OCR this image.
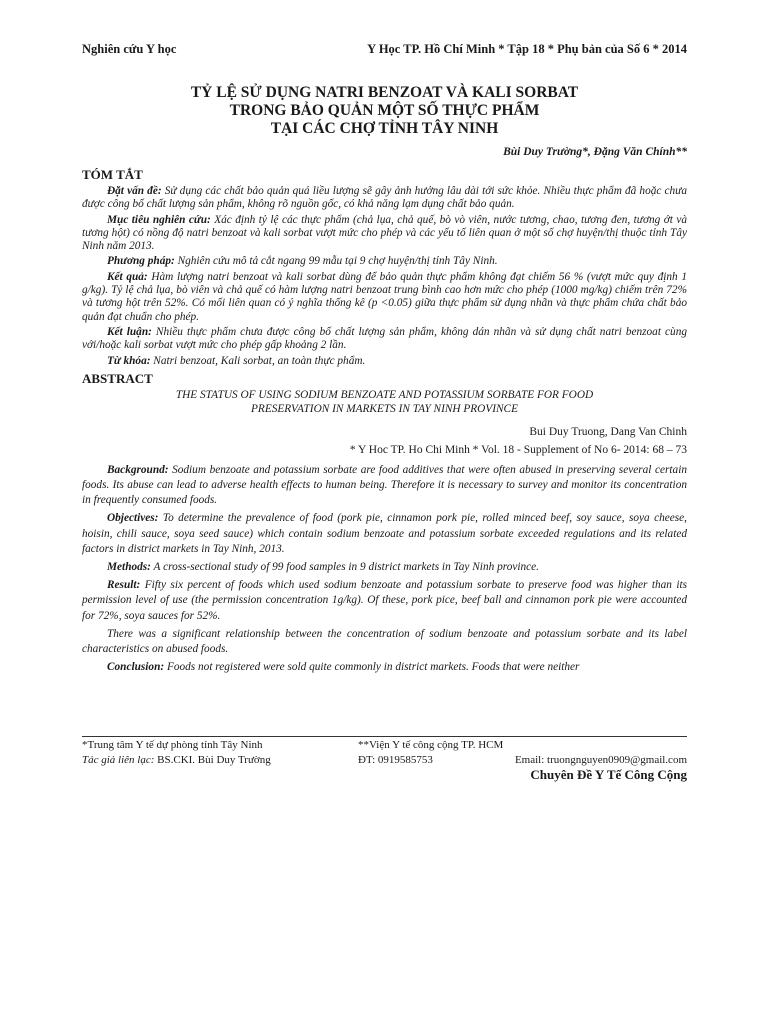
Nghiên cứu Y học	Y Học TP. Hồ Chí Minh * Tập 18 * Phụ bản của Số 6 * 2014
TỶ LỆ SỬ DỤNG NATRI BENZOAT VÀ KALI SORBAT
TRONG BẢO QUẢN MỘT SỐ THỰC PHẨM
TẠI CÁC CHỢ TỈNH TÂY NINH
Bùi Duy Trường*, Đặng Văn Chính**

TÓM TẮT

Đặt vấn đề: Sử dụng các chất bảo quản quá liều lượng sẽ gây ảnh hưởng lâu dài tới sức khỏe. Nhiều thực phẩm đã hoặc chưa được công bố chất lượng sản phẩm, không rõ nguồn gốc, có khả năng lạm dụng chất bảo quản.

Mục tiêu nghiên cứu: Xác định tỷ lệ các thực phẩm (chả lụa, chả quế, bò vò viên, nước tương, chao, tương đen, tương ớt và tương hột) có nồng độ natri benzoat và kali sorbat vượt mức cho phép và các yếu tố liên quan ở một số chợ huyện/thị thuộc tỉnh Tây Ninh năm 2013.

Phương pháp: Nghiên cứu mô tả cắt ngang 99 mẫu tại 9 chợ huyện/thị tỉnh Tây Ninh.

Kết quả: Hàm lượng natri benzoat và kali sorbat dùng để bảo quản thực phẩm không đạt chiếm 56 % (vượt mức quy định 1 g/kg). Tỷ lệ chả lụa, bò viên và chả quế có hàm lượng natri benzoat trung bình cao hơn mức cho phép (1000 mg/kg) chiếm trên 72% và tương hột trên 52%. Có mối liên quan có ý nghĩa thống kê (p <0.05) giữa thực phẩm sử dụng nhãn và thực phẩm chứa chất bảo quản đạt chuẩn cho phép.

Kết luận: Nhiều thực phẩm chưa được công bố chất lượng sản phẩm, không dán nhãn và sử dụng chất natri benzoat cùng với/hoặc kali sorbat vượt mức cho phép gấp khoảng 2 lần.

Từ khóa: Natri benzoat, Kali sorbat, an toàn thực phẩm.

ABSTRACT

THE STATUS OF USING SODIUM BENZOATE AND POTASSIUM SORBATE FOR FOOD
PRESERVATION IN MARKETS IN TAY NINH PROVINCE

Bui Duy Truong, Dang Van Chinh

* Y Hoc TP. Ho Chi Minh * Vol. 18 - Supplement of No 6- 2014: 68 – 73

Background: Sodium benzoate and potassium sorbate are food additives that were often abused in preserving several certain foods. Its abuse can lead to adverse health effects to human being. Therefore it is necessary to survey and monitor its concentration in frequently consumed foods.

Objectives: To determine the prevalence of food (pork pie, cinnamon pork pie, rolled minced beef, soy sauce, soya cheese, hoisin, chili sauce, soya seed sauce) which contain sodium benzoate and potassium sorbate exceeded regulations and its related factors in district markets in Tay Ninh, 2013.

Methods: A cross-sectional study of 99 food samples in 9 district markets in Tay Ninh province.

Result: Fifty six percent of foods which used sodium benzoate and potassium sorbate to preserve food was higher than its permission level of use (the permission concentration 1g/kg). Of these, pork pice, beef ball and cinnamon pork pie were accounted for 72%, soya sauces for 52%.

There was a significant relationship between the concentration of sodium benzoate and potassium sorbate and its label characteristics on abused foods.

Conclusion: Foods not registered were sold quite commonly in district markets. Foods that were neither

*Trung tâm Y tế dự phòng tỉnh Tây Ninh	**Viện Y tế công cộng TP. HCM
Tác giả liên lạc: BS.CKI. Bùi Duy Trường	ĐT: 0919585753	Email: truongnguyen0909@gmail.com
Chuyên Đề Y Tế Công Cộng
